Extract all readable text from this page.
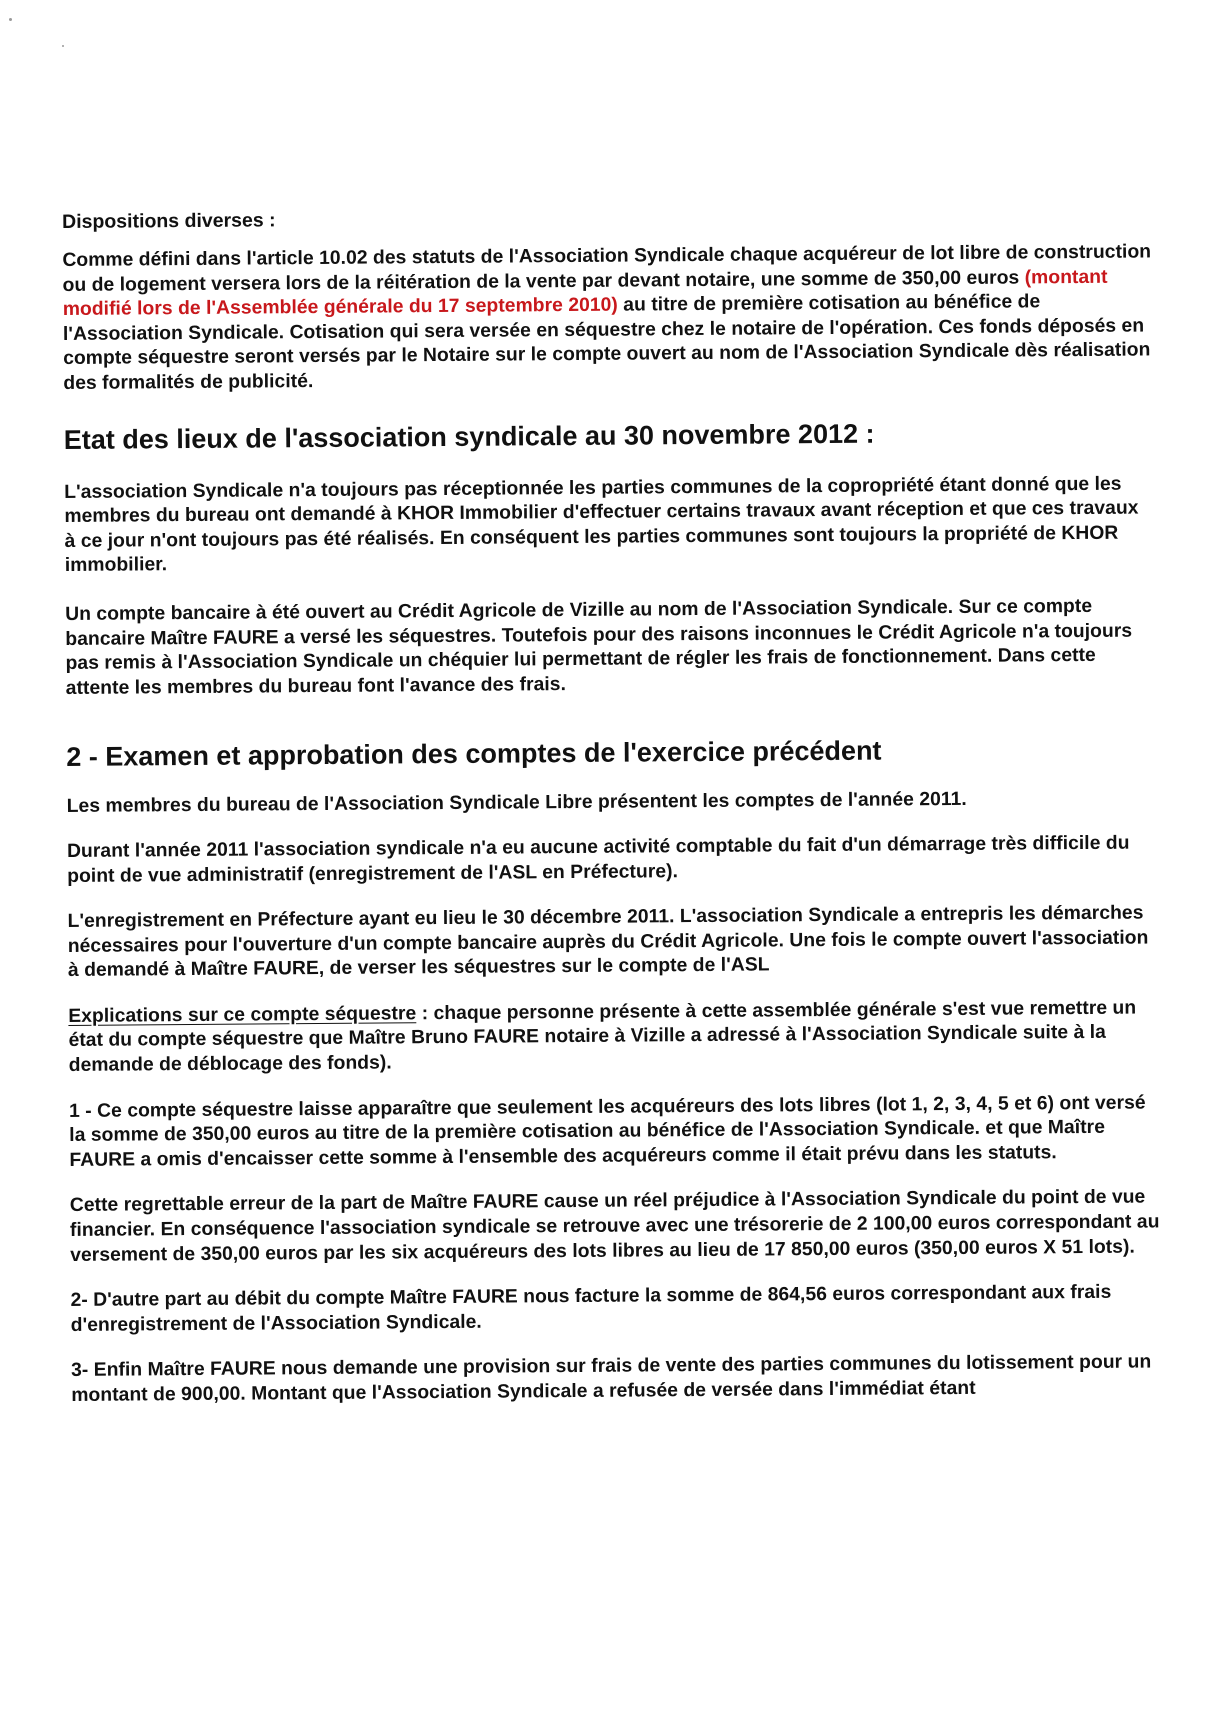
Dispositions diverses :

Comme défini dans l'article 10.02 des statuts de l'Association Syndicale chaque acquéreur de lot libre de construction ou de logement versera lors de la réitération de la vente par devant notaire, une somme de 350,00 euros (montant modifié lors de l'Assemblée générale du 17 septembre 2010) au titre de première cotisation au bénéfice de l'Association Syndicale. Cotisation qui sera versée en séquestre chez le notaire de l'opération. Ces fonds déposés en compte séquestre seront versés par le Notaire sur le compte ouvert au nom de l'Association Syndicale dès réalisation des formalités de publicité.

Etat des lieux de l'association syndicale au 30 novembre 2012 :

L'association Syndicale n'a toujours pas réceptionnée les parties communes de la copropriété étant donné que les membres du bureau ont demandé à KHOR Immobilier d'effectuer certains travaux avant réception et que ces travaux à ce jour n'ont toujours pas été réalisés. En conséquent les parties communes sont toujours la propriété de KHOR immobilier.

Un compte bancaire à été ouvert au Crédit Agricole de Vizille au nom de l'Association Syndicale. Sur ce compte bancaire Maître FAURE a versé les séquestres. Toutefois pour des raisons inconnues le Crédit Agricole n'a toujours pas remis à l'Association Syndicale un chéquier lui permettant de régler les frais de fonctionnement. Dans cette attente les membres du bureau font l'avance des frais.

2 - Examen et approbation des comptes de l'exercice précédent

Les membres du bureau de l'Association Syndicale Libre présentent les comptes de l'année 2011.

Durant l'année 2011 l'association syndicale n'a eu aucune activité comptable du fait d'un démarrage très difficile du point de vue administratif (enregistrement de l'ASL en Préfecture).

L'enregistrement en Préfecture ayant eu lieu le 30 décembre 2011. L'association Syndicale a entrepris les démarches nécessaires pour l'ouverture d'un compte bancaire auprès du Crédit Agricole. Une fois le compte ouvert l'association à demandé à Maître FAURE, de verser les séquestres sur le compte de l'ASL

Explications sur ce compte séquestre : chaque personne présente à cette assemblée générale s'est vue remettre un état du compte séquestre que Maître Bruno FAURE notaire à Vizille a adressé à l'Association Syndicale suite à la demande de déblocage des fonds).

1 - Ce compte séquestre laisse apparaître que seulement les acquéreurs des lots libres (lot 1, 2, 3, 4, 5 et 6) ont versé la somme de 350,00 euros au titre de la première cotisation au bénéfice de l'Association Syndicale. et que Maître FAURE a omis d'encaisser cette somme à l'ensemble des acquéreurs comme il était prévu dans les statuts.

Cette regrettable erreur de la part de Maître FAURE cause un réel préjudice à l'Association Syndicale du point de vue financier. En conséquence l'association syndicale se retrouve avec une trésorerie de 2 100,00 euros correspondant au versement de 350,00 euros par les six acquéreurs des lots libres au lieu de 17 850,00 euros (350,00 euros X 51 lots).

2- D'autre part au débit du compte Maître FAURE nous facture la somme de 864,56 euros correspondant aux frais d'enregistrement de l'Association Syndicale.

3- Enfin Maître FAURE nous demande une provision sur frais de vente des parties communes du lotissement pour un montant de 900,00. Montant que l'Association Syndicale a refusée de versée dans l'immédiat étant
